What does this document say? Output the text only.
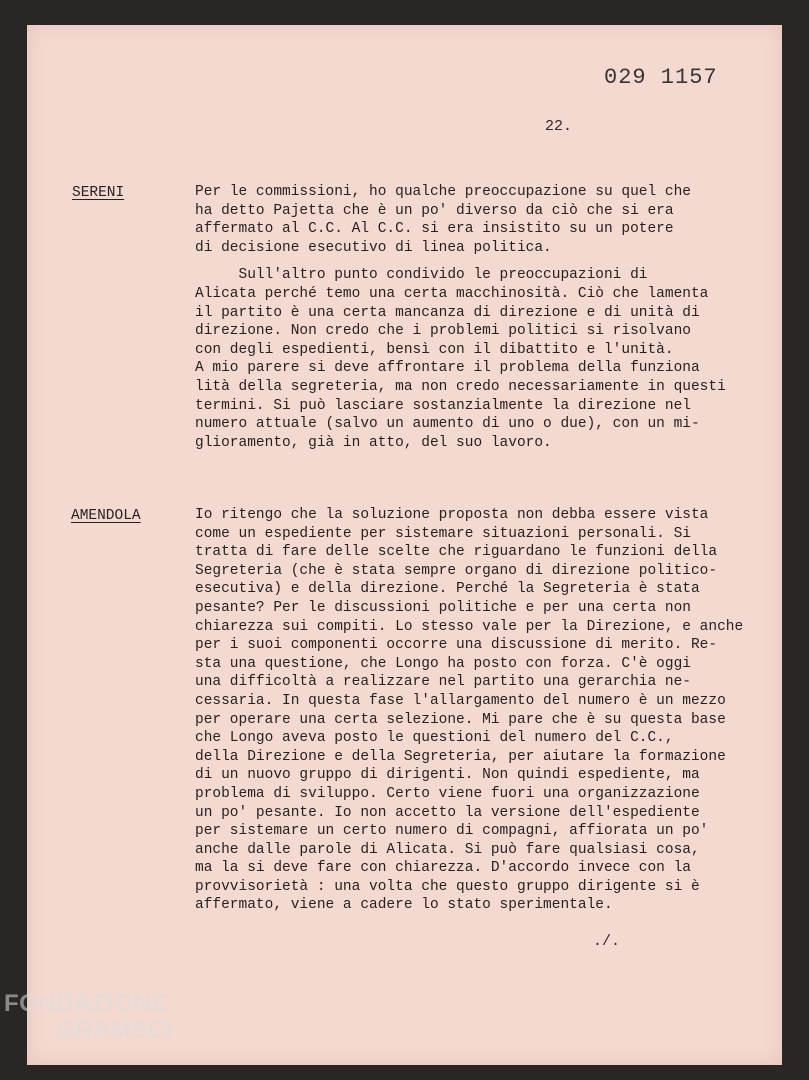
029 1157
22.
SERENI	Per le commissioni, ho qualche preoccupazione su quel che
ha detto Pajetta che è un po' diverso da ciò che si era
affermato al C.C. Al C.C. si era insistito su un potere
di decisione esecutivo di linea politica.
Sull'altro punto condivido le preoccupazioni di
Alicata perché temo una certa macchinosità. Ciò che lamenta
il partito è una certa mancanza di direzione e di unità di
direzione. Non credo che i problemi politici si risolvano
con degli espedienti, bensì con il dibattito e l'unità.
A mio parere si deve affrontare il problema della funziona
lità della segreteria, ma non credo necessariamente in questi
termini. Si può lasciare sostanzialmente la direzione nel
numero attuale (salvo un aumento di uno o due), con un mi-
glioramento, già in atto, del suo lavoro.
AMENDOLA	Io ritengo che la soluzione proposta non debba essere vista
come un espediente per sistemare situazioni personali. Si
tratta di fare delle scelte che riguardano le funzioni della
Segreteria (che è stata sempre organo di direzione politico-
esecutiva) e della direzione. Perché la Segreteria è stata
pesante? Per le discussioni politiche e per una certa non
chiarezza sui compiti. Lo stesso vale per la Direzione, e anche
per i suoi componenti occorre una discussione di merito. Re-
sta una questione, che Longo ha posto con forza. C'è oggi
una difficoltà a realizzare nel partito una gerarchia ne-
cessaria. In questa fase l'allargamento del numero è un mezzo
per operare una certa selezione. Mi pare che è su questa base
che Longo aveva posto le questioni del numero del C.C.,
della Direzione e della Segreteria, per aiutare la formazione
di un nuovo gruppo di dirigenti. Non quindi espediente, ma
problema di sviluppo. Certo viene fuori una organizzazione
un po' pesante. Io non accetto la versione dell'espediente
per sistemare un certo numero di compagni, affiorata un po'
anche dalle parole di Alicata. Si può fare qualsiasi cosa,
ma la si deve fare con chiarezza. D'accordo invece con la
provvisorietà : una volta che questo gruppo dirigente si è
affermato, viene a cadere lo stato sperimentale.
./.
FONDAZIONE
GRAMSCI
